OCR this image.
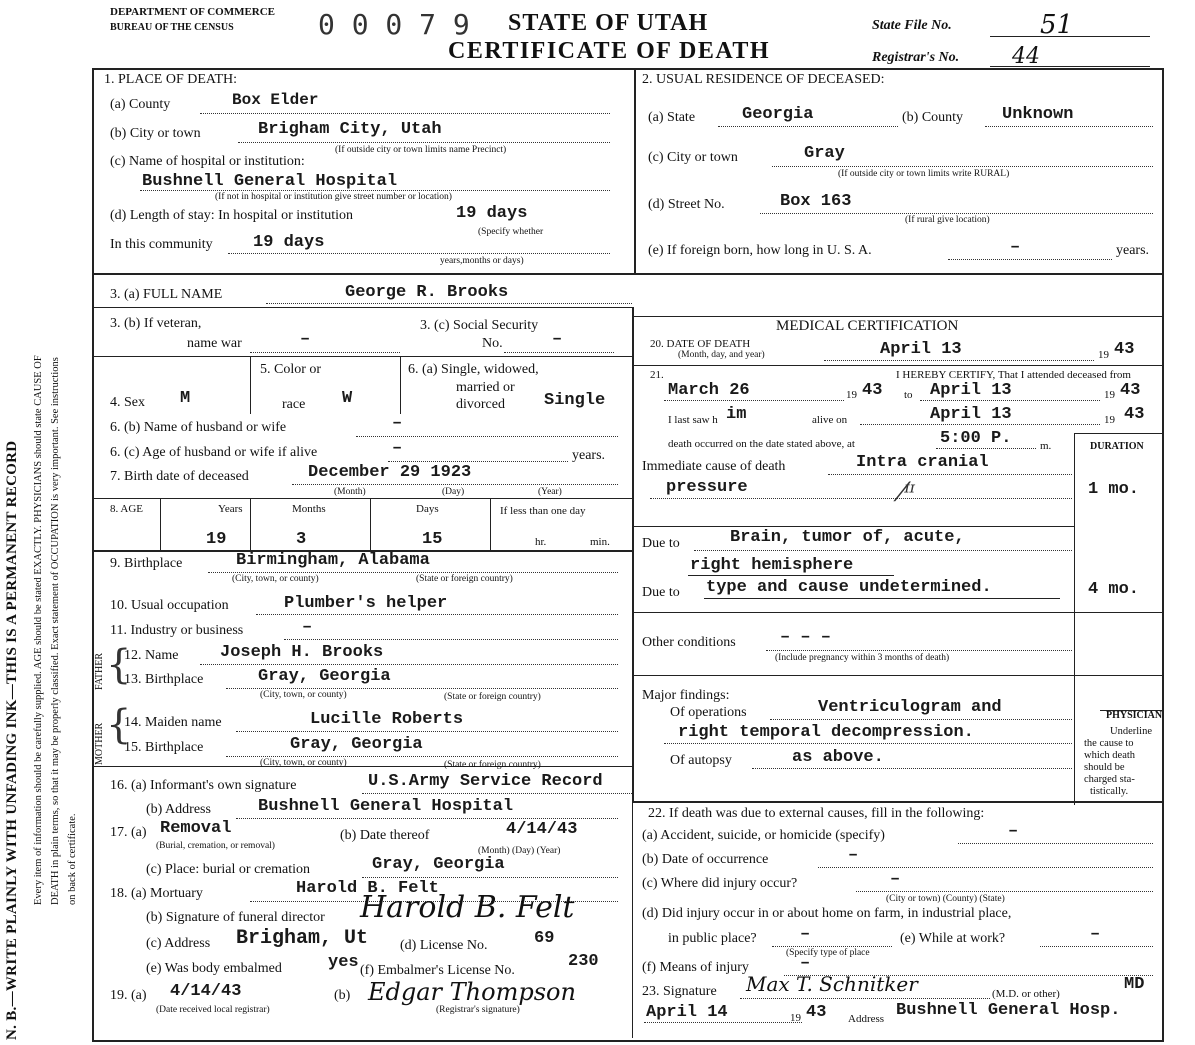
N. B.—WRITE PLAINLY WITH UNFADING INK—THIS IS A PERMANENT RECORD Every item of information should be carefully supplied. AGE should be stated EXACTLY. PHYSICIANS should state CAUSE OF DEATH in plain terms, so that it may be properly classified. Exact statement of OCCUPATION is very important. See instructions on back of certificate.
DEPARTMENT OF COMMERCE
BUREAU OF THE CENSUS	0 0 0 7 9 STATE OF UTAH
CERTIFICATE OF DEATH
State File No.	51
Registrar's No. 44
1. PLACE OF DEATH:
(a) County	Box Elder
(b) City or town	Brigham City, Utah
(If outside city or town limits name Precinct)
(c) Name of hospital or institution:
Bushnell General Hospital
(If not in hospital or institution give street number or location)
(d) Length of stay: In hospital or institution	19 days
(Specify whether
In this community 19 days
years,months or days)
2. USUAL RESIDENCE OF DECEASED:
(a) State	Georgia	(b) County Unknown
(c) City or town	Gray
(If outside city or town limits write RURAL)
(d) Street No.	Box 163
(If rural give location)
(e) If foreign born, how long in U. S. A.	–	years.
3. (a) FULL NAME	George R. Brooks
3. (b) If veteran,
name war	–
3. (c) Social Security
No.	–
4. Sex M
5. Color or
race W
6. (a) Single, widowed,
married or
divorced Single
6. (b) Name of husband or wife	–
6. (c) Age of husband or wife if alive	–	years.
7. Birth date of deceased	December 29 1923
(Month)	(Day)	(Year)
8. AGE	Years	Months	Days	If less than one day
19	3	15	hr.	min.
9. Birthplace	Birmingham, Alabama
(City, town, or county)	(State or foreign country)
10. Usual occupation	Plumber's helper
11. Industry or business	–
FATHER {
MOTHER {
12. Name Joseph H. Brooks
13. Birthplace	Gray, Georgia
(City, town, or county)	(State or foreign country)
14. Maiden name	Lucille Roberts
15. Birthplace	Gray, Georgia
(City, town, or county)	(State or foreign country)
16. (a) Informant's own signature	U.S.Army Service Record
(b) Address	Bushnell General Hospital
17. (a) Removal
(Burial, cremation, or removal)
(b) Date thereof	4/14/43
(Month) (Day) (Year)
(c) Place: burial or cremation	Gray, Georgia
18. (a) Mortuary	Harold B. Felt
(b) Signature of funeral director Harold B. Felt
(c) Address Brigham, Ut (d) License No.	69
(e) Was body embalmed	yes (f) Embalmer's License No.	230
19. (a) 4/14/43
(Date received local registrar)
(b) Edgar Thompson
(Registrar's signature)
MEDICAL CERTIFICATION
20. DATE OF DEATH
(Month, day, and year)	April 13	19 43
21.	I HEREBY CERTIFY, That I attended deceased from
March 26	19 43 to April 13	19 43
I last saw h im	alive on	April 13	19 43
death occurred on the date stated above, at	5:00 P.	m.	DURATION
Immediate cause of death	Intra cranial
pressure	⁄ᶦᶦ	1 mo.
Due to	Brain, tumor of, acute,
right hemisphere
Due to type and cause undetermined.	4 mo.
Other conditions	– – –
(Include pregnancy within 3 months of death)
Major findings:
Of operations	Ventriculogram and
right temporal decompression.
Of autopsy	as above.
PHYSICIAN
Underline
the cause to
which death
should be
charged sta-
tistically.
22. If death was due to external causes, fill in the following:
(a) Accident, suicide, or homicide (specify)	–
(b) Date of occurrence	–
(c) Where did injury occur?	–
(City or town) (County) (State)
(d) Did injury occur in or about home on farm, in industrial place,
in public place?	–	(e) While at work?	–
(Specify type of place
(f) Means of injury	–
23. Signature Max T. Schnitker	(M.D. or other)	MD
April 14	19 43 Address Bushnell General Hosp.
